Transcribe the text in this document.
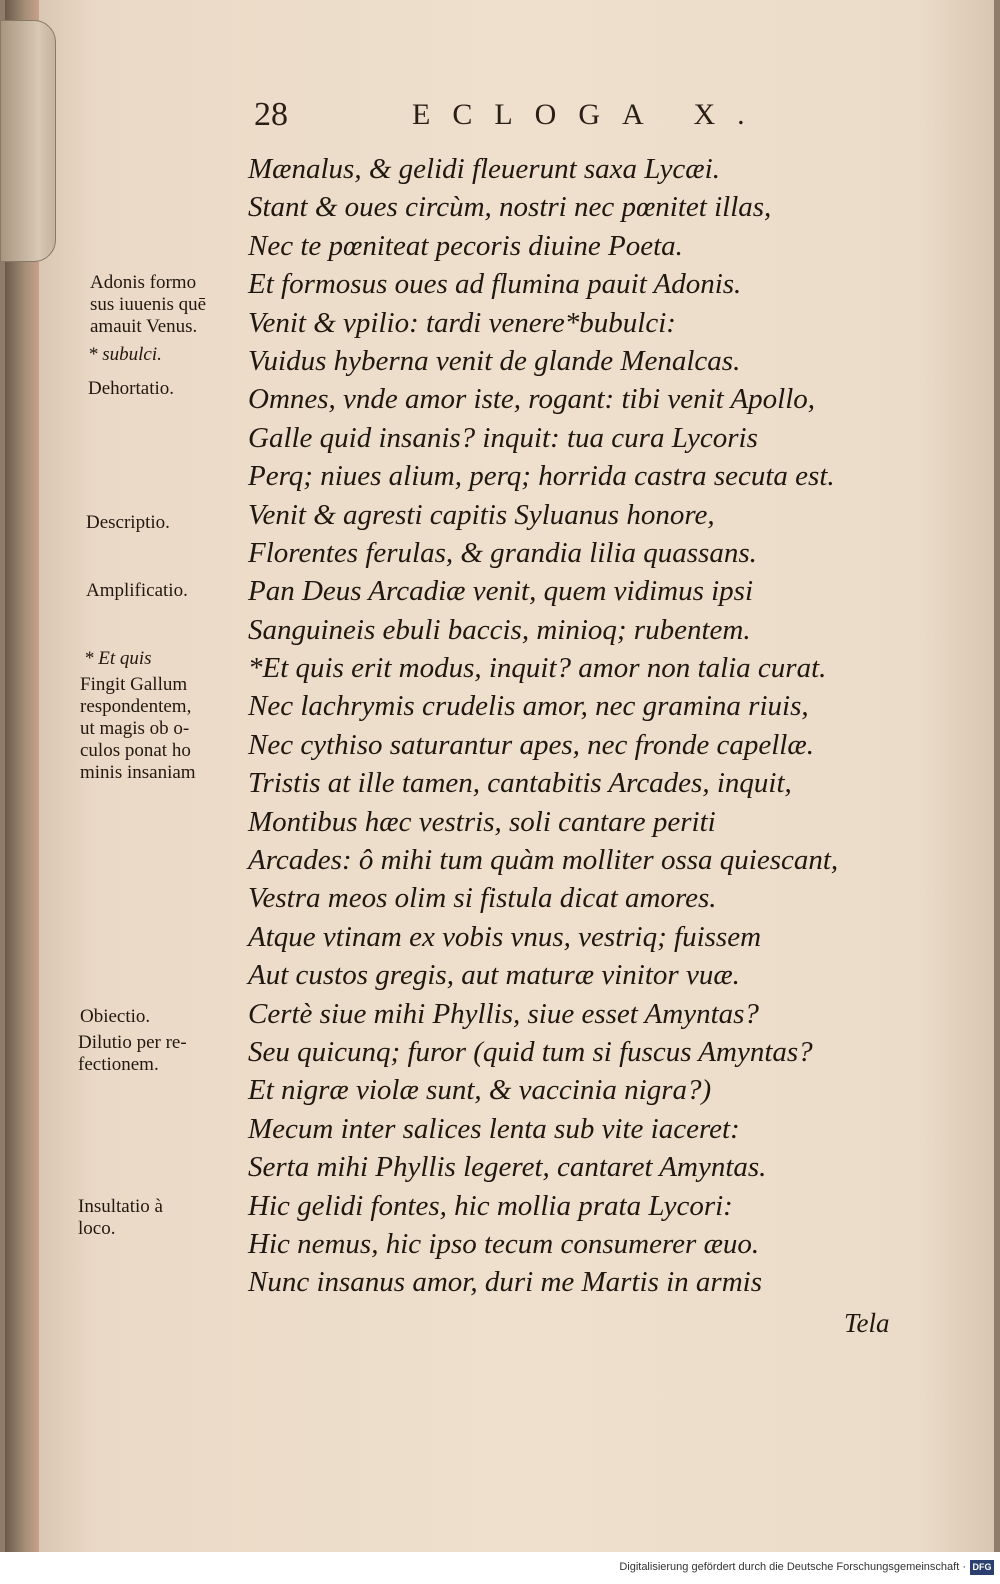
28	ECLOGA X.
Mænalus, & gelidi fleuerunt saxa Lycæi.
Stant & oues circùm, nostri nec pœnitet illas,
Nec te pœniteat pecoris diuine Poeta.
Et formosus oues ad flumina pauit Adonis.
Venit & vpilio: tardi venere*bubulci:
Vuidus hyberna venit de glande Menalcas.
Omnes, vnde amor iste, rogant: tibi venit Apollo,
Galle quid insanis? inquit: tua cura Lycoris
Perq; niues alium, perq; horrida castra secuta est.
Venit & agresti capitis Syluanus honore,
Florentes ferulas, & grandia lilia quassans.
Pan Deus Arcadiæ venit, quem vidimus ipsi
Sanguineis ebuli baccis, minioq; rubentem.
*Et quis erit modus, inquit? amor non talia curat.
Nec lachrymis crudelis amor, nec gramina riuis,
Nec cythiso saturantur apes, nec fronde capellæ.
Tristis at ille tamen, cantabitis Arcades, inquit,
Montibus hæc vestris, soli cantare periti
Arcades: ô mihi tum quàm molliter ossa quiescant,
Vestra meos olim si fistula dicat amores.
Atque vtinam ex vobis vnus, vestriq; fuissem
Aut custos gregis, aut maturæ vinitor vuæ.
Certè siue mihi Phyllis, siue esset Amyntas?
Seu quicunq; furor (quid tum si fuscus Amyntas?
Et nigræ violæ sunt, & vaccinia nigra?)
Mecum inter salices lenta sub vite iaceret:
Serta mihi Phyllis legeret, cantaret Amyntas.
Hic gelidi fontes, hic mollia prata Lycori:
Hic nemus, hic ipso tecum consumerer æuo.
Nunc insanus amor, duri me Martis in armis
Adonis formo
sus iuuenis quē
amauit Venus.
* subulci.
Dehortatio.
Descriptio.
Amplificatio.
* Et quis
Fingit Gallum
respondentem,
ut magis ob o-
culos ponat ho
minis insaniam
Obiectio.
Dilutio per re-
fectionem.
Insultatio à
loco.
Tela
Digitalisierung gefördert durch die Deutsche Forschungsgemeinschaft · DFG
